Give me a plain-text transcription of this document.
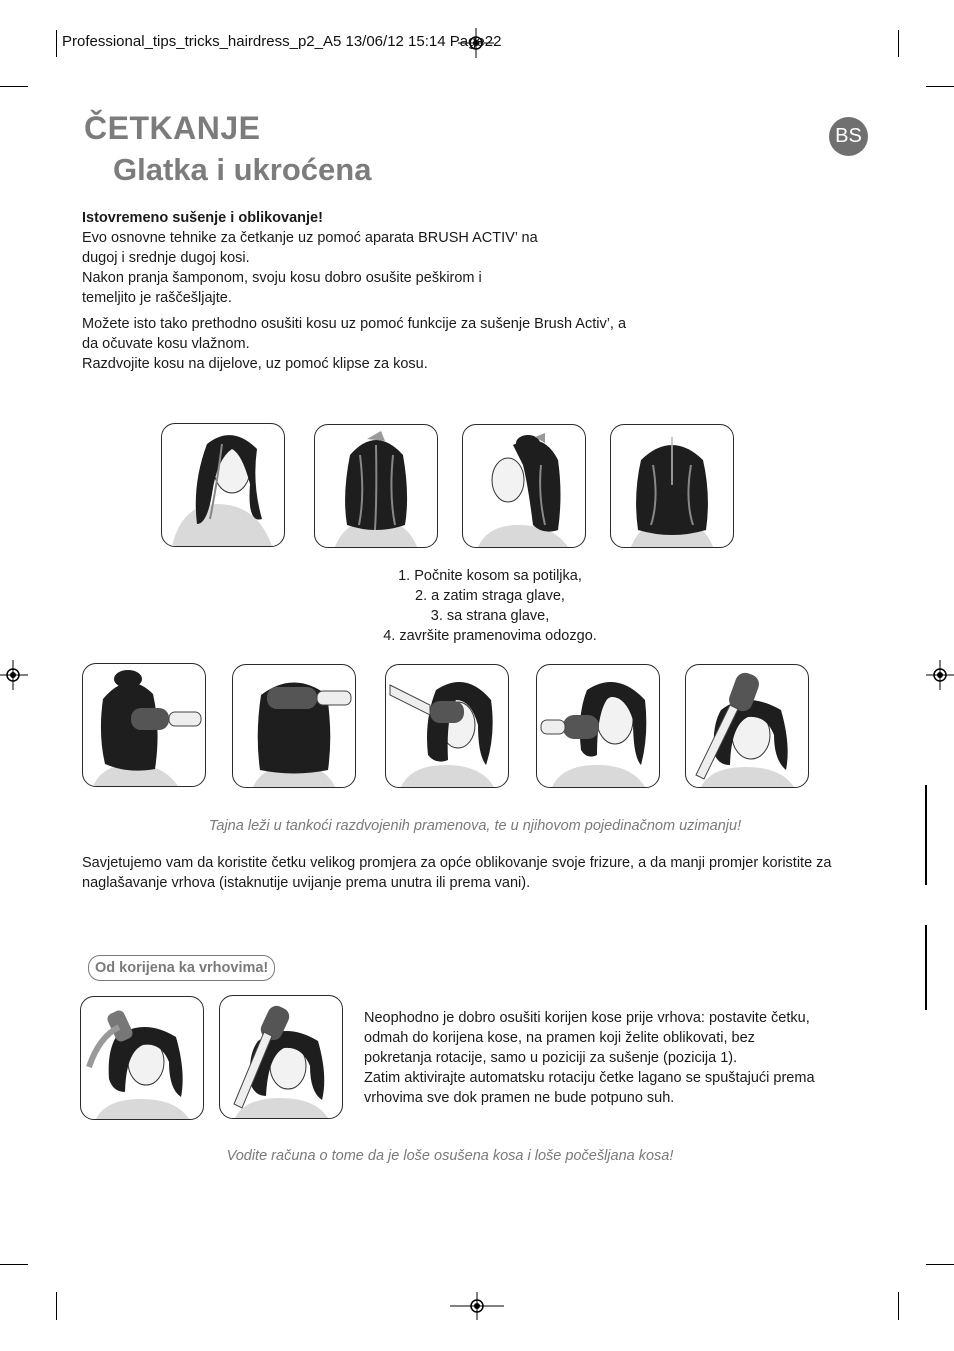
Professional_tips_tricks_hairdress_p2_A5 13/06/12 15:14 Page22
ČETKANJE
Glatka i ukroćena
BS

Istovremeno sušenje i oblikovanje!

Evo osnovne tehnike za četkanje uz pomoć aparata BRUSH ACTIV’ na

dugoj i srednje dugoj kosi.

Nakon pranja šamponom, svoju kosu dobro osušite peškirom i

temeljito je raščešljajte.

Možete isto tako prethodno osušiti kosu uz pomoć funkcije za sušenje Brush Activ’, a

da očuvate kosu vlažnom.

Razdvojite kosu na dijelove, uz pomoć klipse za kosu.

1. Počnite kosom sa potiljka,
2. a zatim straga glave,
3. sa strana glave,
4. završite pramenovima odozgo.
Tajna leži u tankoći razdvojenih pramenova, te u njihovom pojedinačnom uzimanju!
Savjetujemo vam da koristite četku velikog promjera za opće oblikovanje svoje frizure, a da manji promjer koristite za naglašavanje vrhova (istaknutije uvijanje prema unutra ili prema vani).
Od korijena ka vrhovima!

Neophodno je dobro osušiti korijen kose prije vrhova: postavite četku,

odmah do korijena kose, na pramen koji želite oblikovati, bez

pokretanja rotacije, samo u poziciji za sušenje (pozicija 1).

Zatim aktivirajte automatsku rotaciju četke lagano se spuštajući prema

vrhovima sve dok pramen ne bude potpuno suh.

Vodite računa o tome da je loše osušena kosa i loše počešljana kosa!
